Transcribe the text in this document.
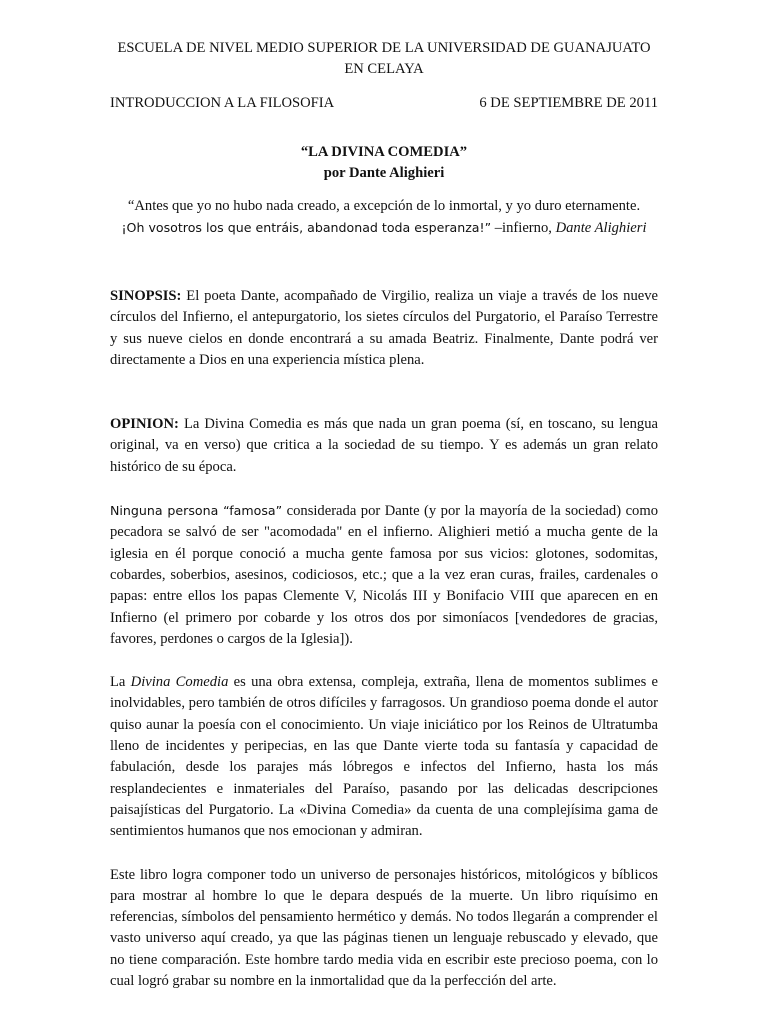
ESCUELA DE NIVEL MEDIO SUPERIOR DE LA UNIVERSIDAD DE GUANAJUATO EN CELAYA
INTRODUCCION A LA FILOSOFIA	6 DE SEPTIEMBRE DE 2011
“LA DIVINA COMEDIA”
por Dante Alighieri
“Antes que yo no hubo nada creado, a excepción de lo inmortal, y yo duro eternamente.
¡Oh vosotros los que entráis, abandonad toda esperanza!” –infierno, Dante Alighieri

SINOPSIS: El poeta Dante, acompañado de Virgilio, realiza un viaje a través de los nueve círculos del Infierno, el antepurgatorio, los sietes círculos del Purgatorio, el Paraíso Terrestre y sus nueve cielos en donde encontrará a su amada Beatriz. Finalmente, Dante podrá ver directamente a Dios en una experiencia mística plena.

OPINION: La Divina Comedia es más que nada un gran poema (sí, en toscano, su lengua original, va en verso) que critica a la sociedad de su tiempo. Y es además un gran relato histórico de su época.

Ninguna persona “famosa” considerada por Dante (y por la mayoría de la sociedad) como pecadora se salvó de ser "acomodada" en el infierno. Alighieri metió a mucha gente de la iglesia en él porque conoció a mucha gente famosa por sus vicios: glotones, sodomitas, cobardes, soberbios, asesinos, codiciosos, etc.; que a la vez eran curas, frailes, cardenales o papas: entre ellos los papas Clemente V, Nicolás III y Bonifacio VIII que aparecen en en Infierno (el primero por cobarde y los otros dos por simoníacos [vendedores de gracias, favores, perdones o cargos de la Iglesia]).

La Divina Comedia es una obra extensa, compleja, extraña, llena de momentos sublimes e inolvidables, pero también de otros difíciles y farragosos. Un grandioso poema donde el autor quiso aunar la poesía con el conocimiento. Un viaje iniciático por los Reinos de Ultratumba lleno de incidentes y peripecias, en las que Dante vierte toda su fantasía y capacidad de fabulación, desde los parajes más lóbregos e infectos del Infierno, hasta los más resplandecientes e inmateriales del Paraíso, pasando por las delicadas descripciones paisajísticas del Purgatorio. La «Divina Comedia» da cuenta de una complejísima gama de sentimientos humanos que nos emocionan y admiran.

Este libro logra componer todo un universo de personajes históricos, mitológicos y bíblicos para mostrar al hombre lo que le depara después de la muerte. Un libro riquísimo en referencias, símbolos del pensamiento hermético y demás. No todos llegarán a comprender el vasto universo aquí creado, ya que las páginas tienen un lenguaje rebuscado y elevado, que no tiene comparación. Este hombre tardo media vida en escribir este precioso poema, con lo cual logró grabar su nombre en la inmortalidad que da la perfección del arte.
